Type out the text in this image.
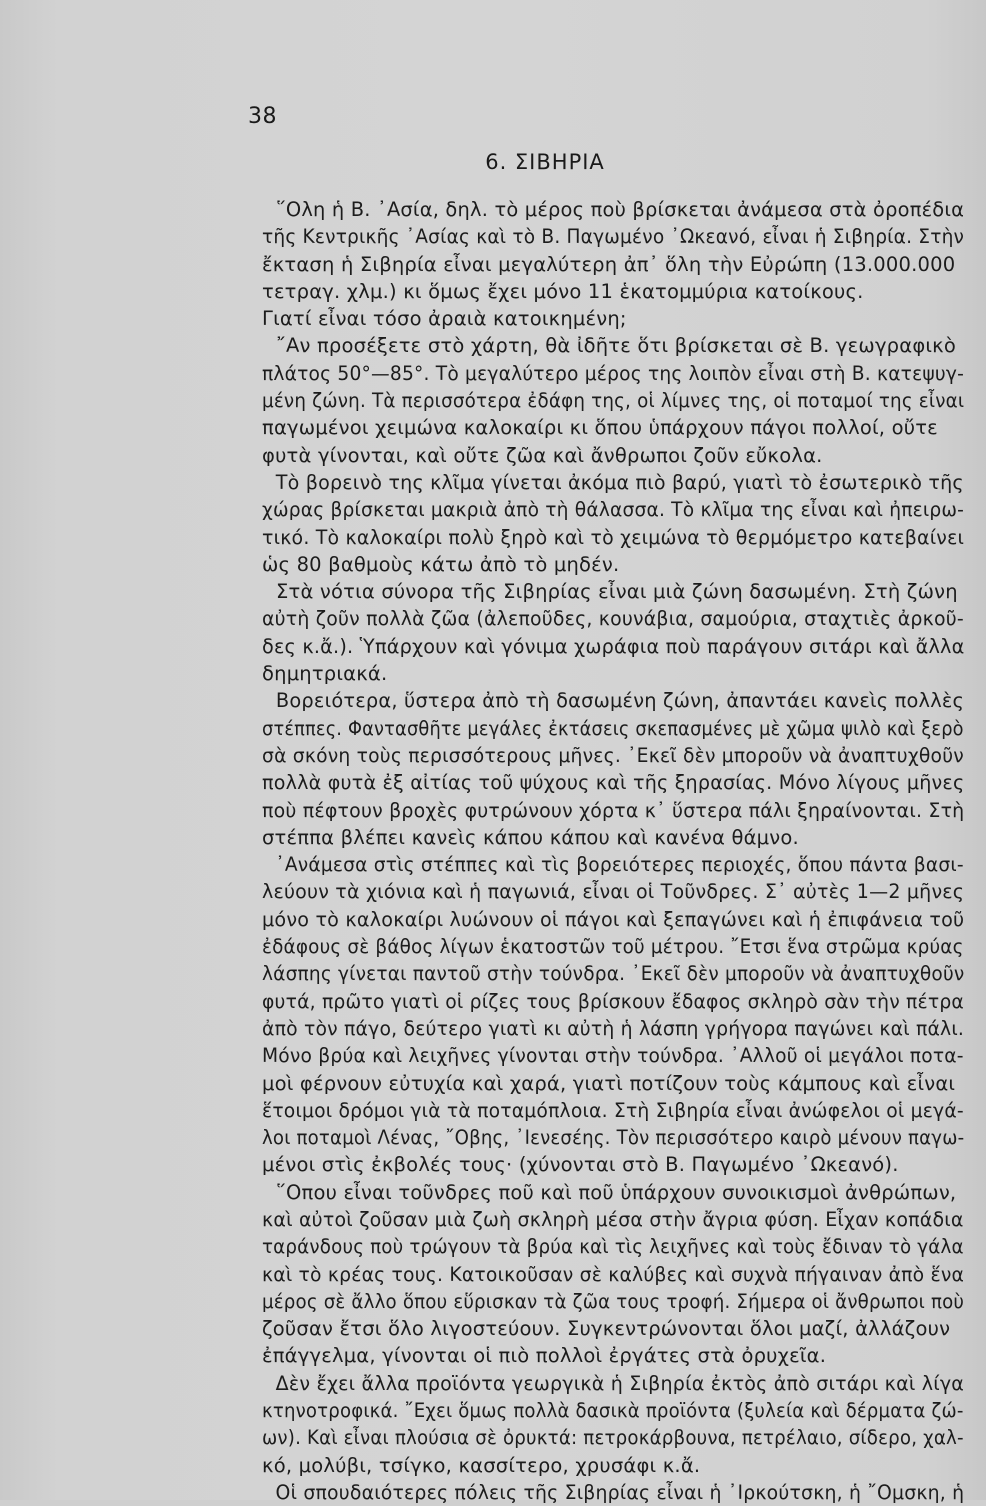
38
6. ΣΙΒΗΡΙΑ
῞Ολη ἡ Β. ᾿Ασία, δηλ. τὸ μέρος ποὺ βρίσκεται ἀνάμεσα στὰ ὀροπέδια
τῆς Κεντρικῆς ᾿Ασίας καὶ τὸ Β. Παγωμένο ᾿Ωκεανό, εἶναι ἡ Σιβηρία. Στὴν
ἔκταση ἡ Σιβηρία εἶναι μεγαλύτερη ἀπ᾿ ὅλη τὴν Εὐρώπη (13.000.000
τετραγ. χλμ.) κι ὅμως ἔχει μόνο 11 ἑκατομμύρια κατοίκους.
Γιατί εἶναι τόσο ἀραιὰ κατοικημένη;
῎Αν προσέξετε στὸ χάρτη, θὰ ἰδῆτε ὅτι βρίσκεται σὲ Β. γεωγραφικὸ
πλάτος 50°—85°. Τὸ μεγαλύτερο μέρος της λοιπὸν εἶναι στὴ Β. κατεψυγ-
μένη ζώνη. Τὰ περισσότερα ἐδάφη της, οἱ λίμνες της, οἱ ποταμοί της εἶναι
παγωμένοι χειμώνα καλοκαίρι κι ὅπου ὑπάρχουν πάγοι πολλοί, οὔτε
φυτὰ γίνονται, καὶ οὔτε ζῶα καὶ ἄνθρωποι ζοῦν εὔκολα.
Τὸ βορεινὸ της κλῖμα γίνεται ἀκόμα πιὸ βαρύ, γιατὶ τὸ ἐσωτερικὸ τῆς
χώρας βρίσκεται μακριὰ ἀπὸ τὴ θάλασσα. Τὸ κλῖμα της εἶναι καὶ ἠπειρω-
τικό. Τὸ καλοκαίρι πολὺ ξηρὸ καὶ τὸ χειμώνα τὸ θερμόμετρο κατεβαίνει
ὡς 80 βαθμοὺς κάτω ἀπὸ τὸ μηδέν.
Στὰ νότια σύνορα τῆς Σιβηρίας εἶναι μιὰ ζώνη δασωμένη. Στὴ ζώνη
αὐτὴ ζοῦν πολλὰ ζῶα (ἀλεποῦδες, κουνάβια, σαμούρια, σταχτιὲς ἀρκοῦ-
δες κ.ἄ.). Ὑπάρχουν καὶ γόνιμα χωράφια ποὺ παράγουν σιτάρι καὶ ἄλλα
δημητριακά.
Βορειότερα, ὕστερα ἀπὸ τὴ δασωμένη ζώνη, ἀπαντάει κανεὶς πολλὲς
στέππες. Φαντασθῆτε μεγάλες ἐκτάσεις σκεπασμένες μὲ χῶμα ψιλὸ καὶ ξερὸ
σὰ σκόνη τοὺς περισσότερους μῆνες. ᾿Εκεῖ δὲν μποροῦν νὰ ἀναπτυχθοῦν
πολλὰ φυτὰ ἐξ αἰτίας τοῦ ψύχους καὶ τῆς ξηρασίας. Μόνο λίγους μῆνες
ποὺ πέφτουν βροχὲς φυτρώνουν χόρτα κ᾿ ὕστερα πάλι ξηραίνονται. Στὴ
στέππα βλέπει κανεὶς κάπου κάπου καὶ κανένα θάμνο.
᾿Ανάμεσα στὶς στέππες καὶ τὶς βορειότερες περιοχές, ὅπου πάντα βασι-
λεύουν τὰ χιόνια καὶ ἡ παγωνιά, εἶναι οἱ Τοῦνδρες. Σ᾿ αὐτὲς 1—2 μῆνες
μόνο τὸ καλοκαίρι λυώνουν οἱ πάγοι καὶ ξεπαγώνει καὶ ἡ ἐπιφάνεια τοῦ
ἐδάφους σὲ βάθος λίγων ἑκατοστῶν τοῦ μέτρου. ῎Ετσι ἕνα στρῶμα κρύας
λάσπης γίνεται παντοῦ στὴν τούνδρα. ᾿Εκεῖ δὲν μποροῦν νὰ ἀναπτυχθοῦν
φυτά, πρῶτο γιατὶ οἱ ρίζες τους βρίσκουν ἔδαφος σκληρὸ σὰν τὴν πέτρα
ἀπὸ τὸν πάγο, δεύτερο γιατὶ κι αὐτὴ ἡ λάσπη γρήγορα παγώνει καὶ πάλι.
Μόνο βρύα καὶ λειχῆνες γίνονται στὴν τούνδρα. ᾿Αλλοῦ οἱ μεγάλοι ποτα-
μοὶ φέρνουν εὐτυχία καὶ χαρά, γιατὶ ποτίζουν τοὺς κάμπους καὶ εἶναι
ἕτοιμοι δρόμοι γιὰ τὰ ποταμόπλοια. Στὴ Σιβηρία εἶναι ἀνώφελοι οἱ μεγά-
λοι ποταμοὶ Λένας, ῎Οβης, ᾿Ιενεσέης. Τὸν περισσότερο καιρὸ μένουν παγω-
μένοι στὶς ἐκβολές τους· (χύνονται στὸ Β. Παγωμένο ᾿Ωκεανό).
῞Οπου εἶναι τοῦνδρες ποῦ καὶ ποῦ ὑπάρχουν συνοικισμοὶ ἀνθρώπων,
καὶ αὐτοὶ ζοῦσαν μιὰ ζωὴ σκληρὴ μέσα στὴν ἄγρια φύση. Εἶχαν κοπάδια
ταράνδους ποὺ τρώγουν τὰ βρύα καὶ τὶς λειχῆνες καὶ τοὺς ἔδιναν τὸ γάλα
καὶ τὸ κρέας τους. Κατοικοῦσαν σὲ καλύβες καὶ συχνὰ πήγαιναν ἀπὸ ἕνα
μέρος σὲ ἄλλο ὅπου εὕρισκαν τὰ ζῶα τους τροφή. Σήμερα οἱ ἄνθρωποι ποὺ
ζοῦσαν ἔτσι ὅλο λιγοστεύουν. Συγκεντρώνονται ὅλοι μαζί, ἀλλάζουν
ἐπάγγελμα, γίνονται οἱ πιὸ πολλοὶ ἐργάτες στὰ ὀρυχεῖα.
Δὲν ἔχει ἄλλα προϊόντα γεωργικὰ ἡ Σιβηρία ἐκτὸς ἀπὸ σιτάρι καὶ λίγα
κτηνοτροφικά. ῎Εχει ὅμως πολλὰ δασικὰ προϊόντα (ξυλεία καὶ δέρματα ζώ-
ων). Καὶ εἶναι πλούσια σὲ ὀρυκτά: πετροκάρβουνα, πετρέλαιο, σίδερο, χαλ-
κό, μολύβι, τσίγκο, κασσίτερο, χρυσάφι κ.ἄ.
Οἱ σπουδαιότερες πόλεις τῆς Σιβηρίας εἶναι ἡ ᾿Ιρκούτσκη, ἡ ῎Ομσκη, ἡ
